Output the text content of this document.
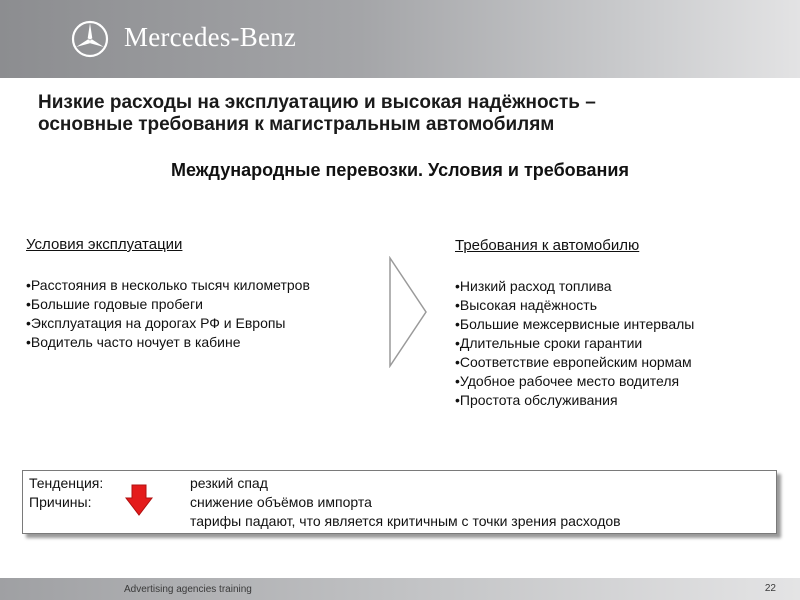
Mercedes-Benz
Низкие расходы на эксплуатацию и высокая надёжность –
основные требования к магистральным автомобилям
Международные перевозки. Условия и требования
Условия эксплуатации
• Расстояния в несколько тысяч километров
• Большие годовые пробеги
• Эксплуатация на дорогах РФ и Европы
• Водитель часто ночует в кабине
Требования к автомобилю
• Низкий расход топлива
• Высокая надёжность
• Большие межсервисные интервалы
• Длительные сроки гарантии
• Соответствие европейским нормам
• Удобное рабочее место водителя
• Простота обслуживания
Тенденция:	резкий спад
Причины:	снижение объёмов импорта
тарифы падают, что является критичным с точки зрения расходов
Advertising agencies training	22
